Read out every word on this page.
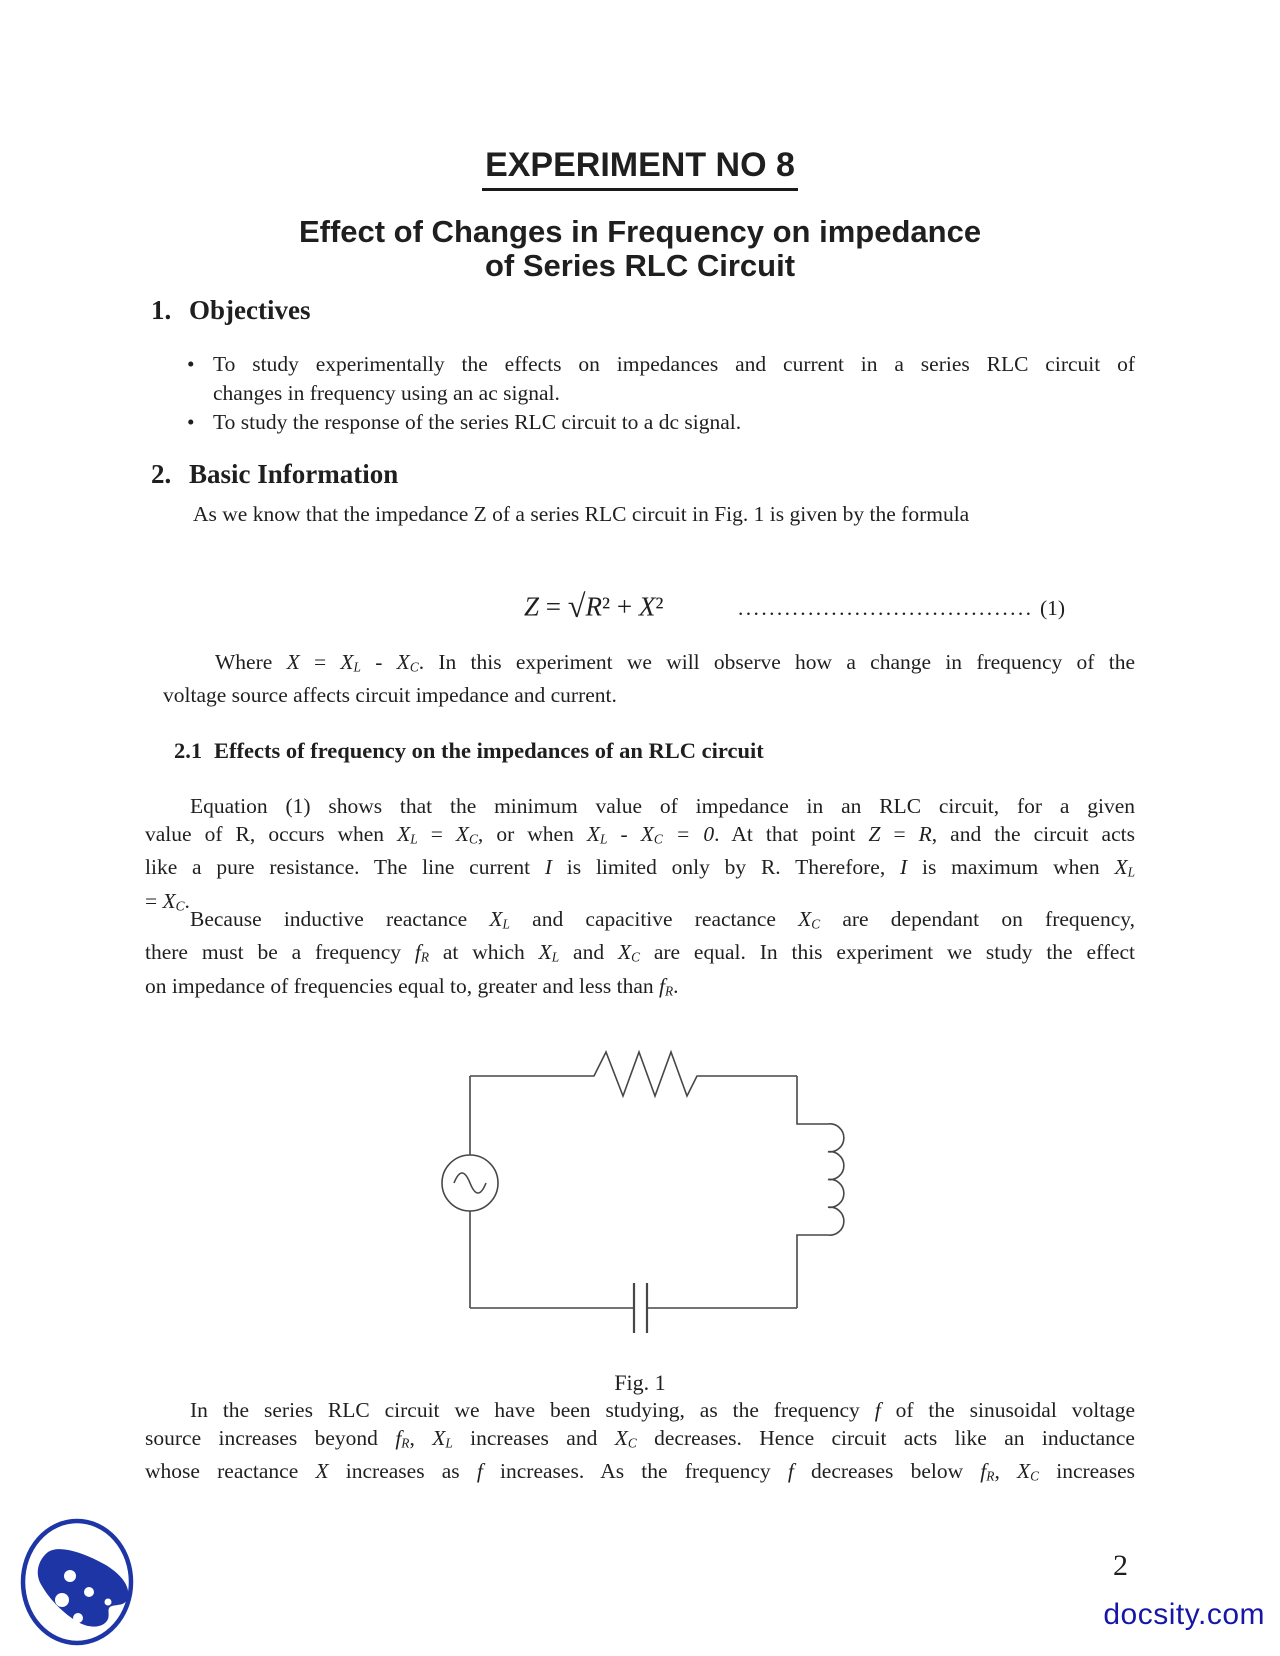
EXPERIMENT NO 8
Effect of Changes in Frequency on impedance
of Series RLC Circuit
1. Objectives
• To study experimentally the effects on impedances and current in a series RLC circuit of
changes in frequency using an ac signal.
• To study the response of the series RLC circuit to a dc signal.
2. Basic Information
As we know that the impedance Z of a series RLC circuit in Fig. 1 is given by the formula
Z = √R² + X²	...................................... (1)
Where X = XL - XC. In this experiment we will observe how a change in frequency of the
voltage source affects circuit impedance and current.
2.1 Effects of frequency on the impedances of an RLC circuit
Equation (1) shows that the minimum value of impedance in an RLC circuit, for a given
value of R, occurs when XL = XC, or when XL - XC = 0. At that point Z = R, and the circuit acts
like a pure resistance. The line current I is limited only by R. Therefore, I is maximum when XL
= XC.
Because inductive reactance XL and capacitive reactance XC are dependant on frequency,
there must be a frequency fR at which XL and XC are equal. In this experiment we study the effect
on impedance of frequencies equal to, greater and less than fR.
Fig. 1
In the series RLC circuit we have been studying, as the frequency f of the sinusoidal voltage
source increases beyond fR, XL increases and XC decreases. Hence circuit acts like an inductance
whose reactance X increases as f increases. As the frequency f decreases below fR, XC increases
2
docsity.com
